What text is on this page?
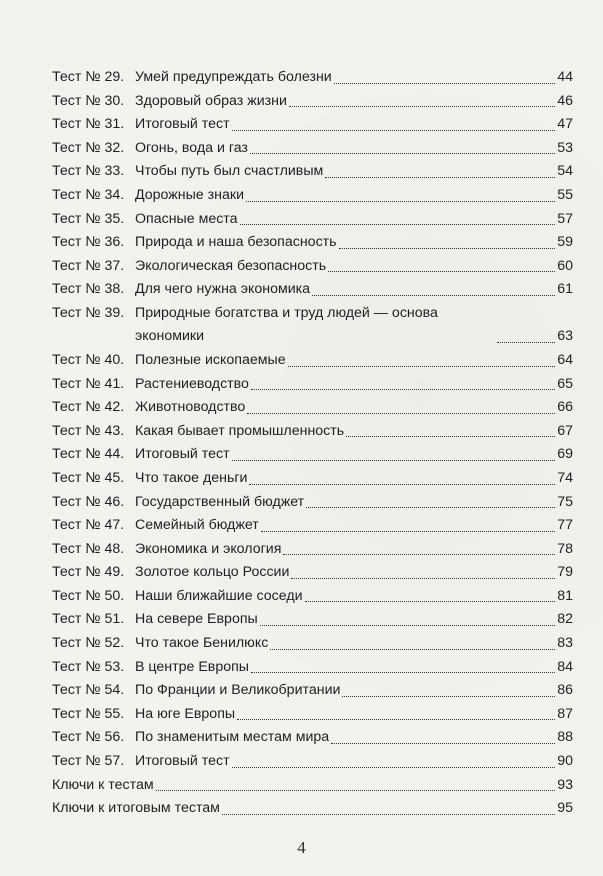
Тест № 29. Умей предупреждать болезни	44
Тест № 30. Здоровый образ жизни	46
Тест № 31. Итоговый тест	47
Тест № 32. Огонь, вода и газ	53
Тест № 33. Чтобы путь был счастливым	54
Тест № 34. Дорожные знаки	55
Тест № 35. Опасные места	57
Тест № 36. Природа и наша безопасность	59
Тест № 37. Экологическая безопасность	60
Тест № 38. Для чего нужна экономика	61
Тест № 39. Природные богатства и труд людей — основа экономики	63
Тест № 40. Полезные ископаемые	64
Тест № 41. Растениеводство	65
Тест № 42. Животноводство	66
Тест № 43. Какая бывает промышленность	67
Тест № 44. Итоговый тест	69
Тест № 45. Что такое деньги	74
Тест № 46. Государственный бюджет	75
Тест № 47. Семейный бюджет	77
Тест № 48. Экономика и экология	78
Тест № 49. Золотое кольцо России	79
Тест № 50. Наши ближайшие соседи	81
Тест № 51. На севере Европы	82
Тест № 52. Что такое Бенилюкс	83
Тест № 53. В центре Европы	84
Тест № 54. По Франции и Великобритании	86
Тест № 55. На юге Европы	87
Тест № 56. По знаменитым местам мира	88
Тест № 57. Итоговый тест	90
Ключи к тестам	93
Ключи к итоговым тестам	95
4
